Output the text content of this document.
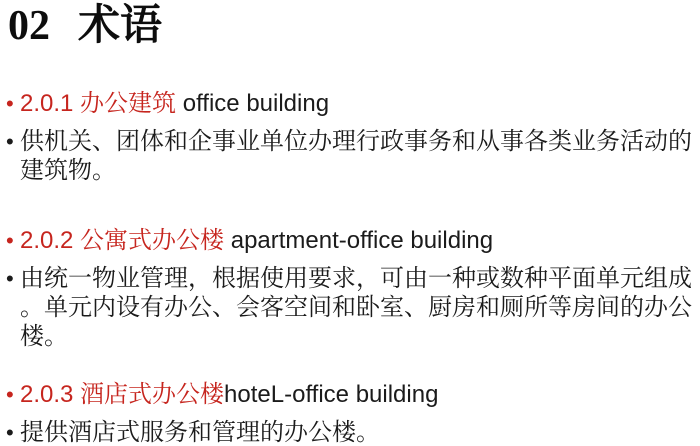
02 术语
• 2.0.1 办公建筑 office building
• 供机关、团体和企事业单位办理行政事务和从事各类业务活动的
建筑物。
• 2.0.2 公寓式办公楼 apartment-office building
• 由统一物业管理，根据使用要求，可由一种或数种平面单元组成
。单元内设有办公、会客空间和卧室、厨房和厕所等房间的办公
楼。
• 2.0.3 酒店式办公楼hoteL-office building
• 提供酒店式服务和管理的办公楼。
